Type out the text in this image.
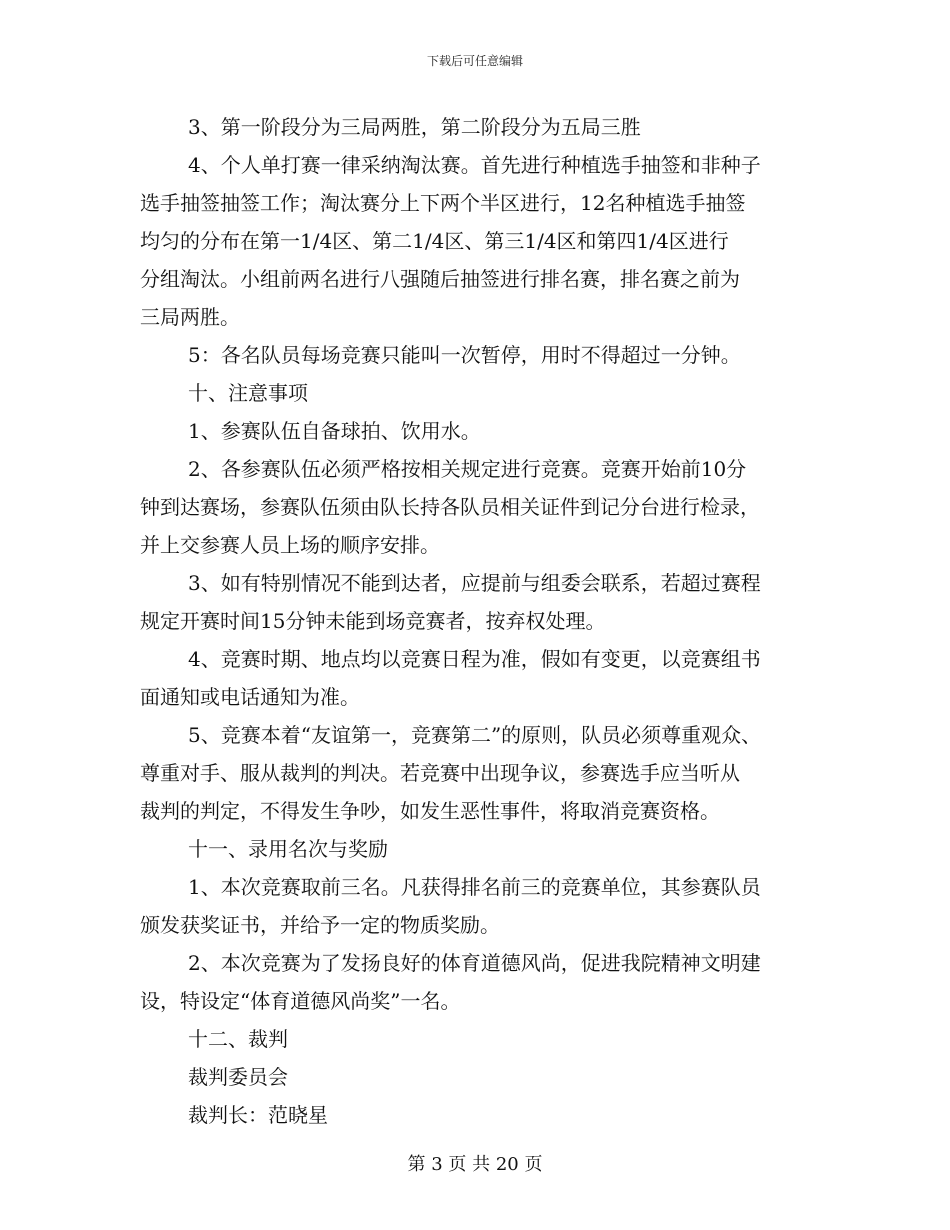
下载后可任意编辑
3、第一阶段分为三局两胜，第二阶段分为五局三胜
4、个人单打赛一律采纳淘汰赛。首先进行种植选手抽签和非种子
选手抽签抽签工作；淘汰赛分上下两个半区进行，12名种植选手抽签
均匀的分布在第一1/4区、第二1/4区、第三1/4区和第四1/4区进行
分组淘汰。小组前两名进行八强随后抽签进行排名赛，排名赛之前为
三局两胜。
5：各名队员每场竞赛只能叫一次暂停，用时不得超过一分钟。
十、注意事项
1、参赛队伍自备球拍、饮用水。
2、各参赛队伍必须严格按相关规定进行竞赛。竞赛开始前10分
钟到达赛场，参赛队伍须由队长持各队员相关证件到记分台进行检录，
并上交参赛人员上场的顺序安排。
3、如有特别情况不能到达者，应提前与组委会联系，若超过赛程
规定开赛时间15分钟未能到场竞赛者，按弃权处理。
4、竞赛时期、地点均以竞赛日程为准，假如有变更，以竞赛组书
面通知或电话通知为准。
5、竞赛本着“友谊第一，竞赛第二”的原则，队员必须尊重观众、
尊重对手、服从裁判的判决。若竞赛中出现争议，参赛选手应当听从
裁判的判定，不得发生争吵，如发生恶性事件，将取消竞赛资格。
十一、录用名次与奖励
1、本次竞赛取前三名。凡获得排名前三的竞赛单位，其参赛队员
颁发获奖证书，并给予一定的物质奖励。
2、本次竞赛为了发扬良好的体育道德风尚，促进我院精神文明建
设，特设定“体育道德风尚奖”一名。
十二、裁判
裁判委员会
裁判长：范晓星
第 3 页 共 20 页
